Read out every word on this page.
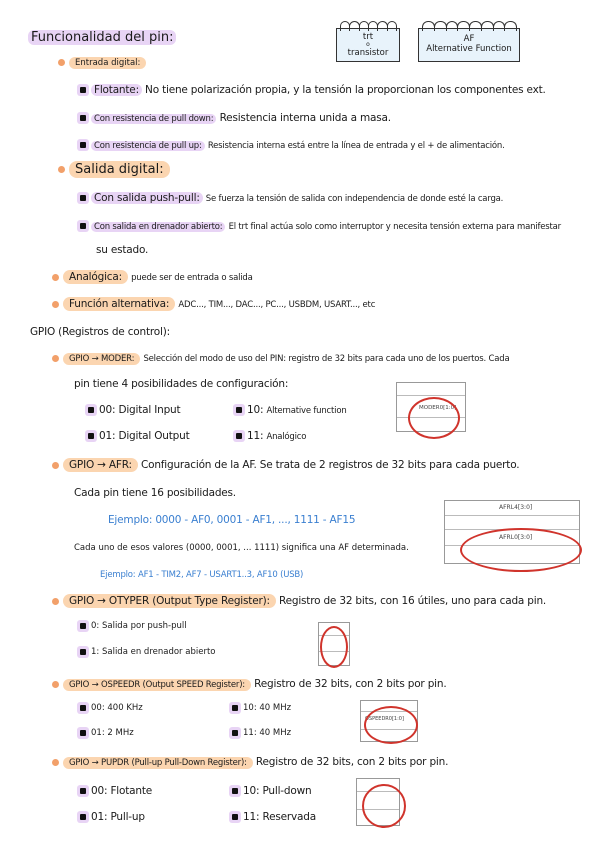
Funcionalidad del pin:	trt
o
transistor
AF
Alternative Function
Entrada digital:
Flotante: No tiene polarización propia, y la tensión la proporcionan los componentes ext.
Con resistencia de pull down: Resistencia interna unida a masa.
Con resistencia de pull up: Resistencia interna está entre la línea de entrada y el + de alimentación.
Salida digital:
Con salida push-pull: Se fuerza la tensión de salida con independencia de donde esté la carga.
Con salida en drenador abierto: El trt final actúa solo como interruptor y necesita tensión externa para manifestar
su estado.
Analógica: puede ser de entrada o salida
Función alternativa: ADC..., TIM..., DAC..., PC..., USBDM, USART..., etc
GPIO (Registros de control):
GPIO → MODER: Selección del modo de uso del PIN: registro de 32 bits para cada uno de los puertos. Cada
pin tiene 4 posibilidades de configuración:
00: Digital Input	10: Alternative function
01: Digital Output	11: Analógico
MODER0[1:0]
GPIO → AFR: Configuración de la AF. Se trata de 2 registros de 32 bits para cada puerto.
Cada pin tiene 16 posibilidades.
Ejemplo: 0000 - AF0, 0001 - AF1, ..., 1111 - AF15
Cada uno de esos valores (0000, 0001, ... 1111) significa una AF determinada.
Ejemplo: AF1 - TIM2, AF7 - USART1..3, AF10 (USB)
AFRL4[3:0]
AFRL0[3:0]
GPIO → OTYPER (Output Type Register): Registro de 32 bits, con 16 útiles, uno para cada pin.
0: Salida por push-pull
1: Salida en drenador abierto
GPIO → OSPEEDR (Output SPEED Register): Registro de 32 bits, con 2 bits por pin.
00: 400 KHz	10: 40 MHz
01: 2 MHz	11: 40 MHz
OSPEEDR0[1:0]
GPIO → PUPDR (Pull-up Pull-Down Register): Registro de 32 bits, con 2 bits por pin.
00: Flotante	10: Pull-down
01: Pull-up	11: Reservada
